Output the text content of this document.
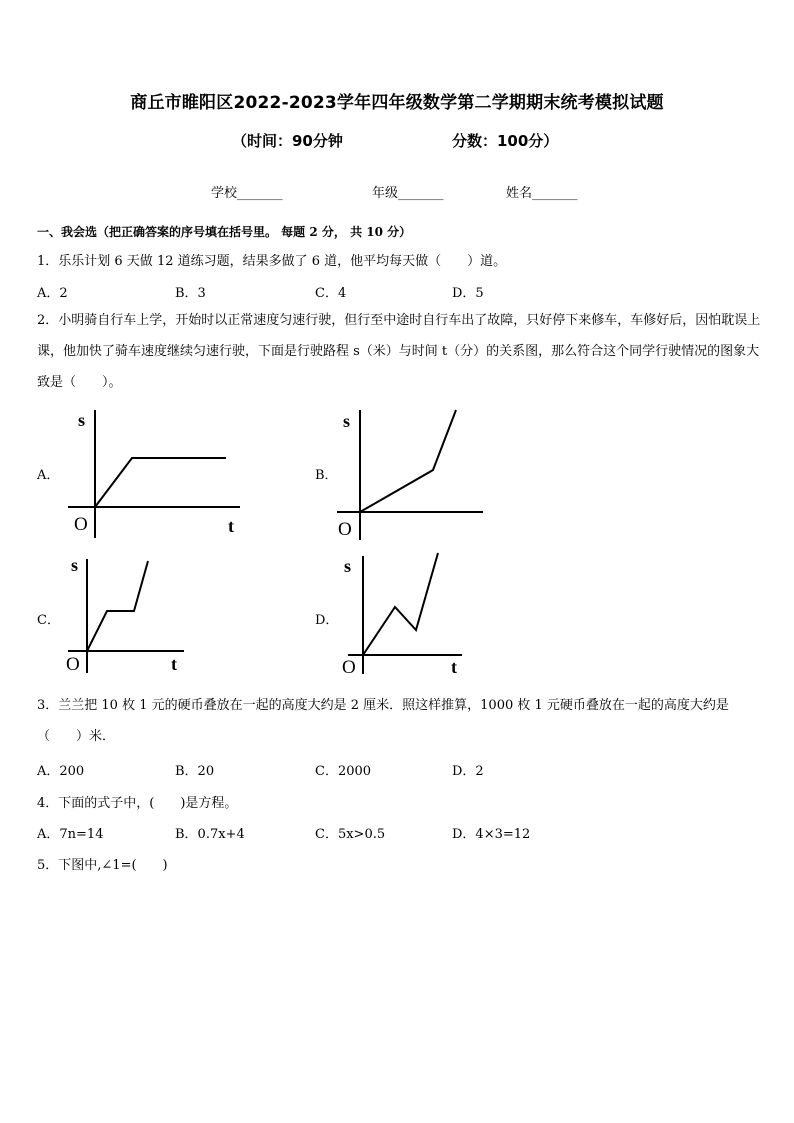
商丘市睢阳区2022-2023学年四年级数学第二学期期末统考模拟试题
（时间：90分钟	分数：100分）
学校_______	年级_______	姓名_______
一、我会选（把正确答案的序号填在括号里。 每题 2 分， 共 10 分）
1．乐乐计划 6 天做 12 道练习题，结果多做了 6 道，他平均每天做（　　）道。
A．2	B．3	C．4	D．5
2．小明骑自行车上学，开始时以正常速度匀速行驶，但行至中途时自行车出了故障，只好停下来修车，车修好后，因怕耽误上课，他加快了骑车速度继续匀速行驶，下面是行驶路程 s（米）与时间 t（分）的关系图，那么符合这个同学行驶情况的图象大致是（　　）。
A．
s
t
O
B．
s
O
C．
s
t
O
D．
s
t
O
3．兰兰把 10 枚 1 元的硬币叠放在一起的高度大约是 2 厘米．照这样推算，1000 枚 1 元硬币叠放在一起的高度大约是（　　）米．
A．200	B．20	C．2000	D．2
4．下面的式子中，(　　)是方程。
A．7n=14	B．0.7x+4	C．5x>0.5	D．4×3=12
5．下图中,∠1=(　　)
